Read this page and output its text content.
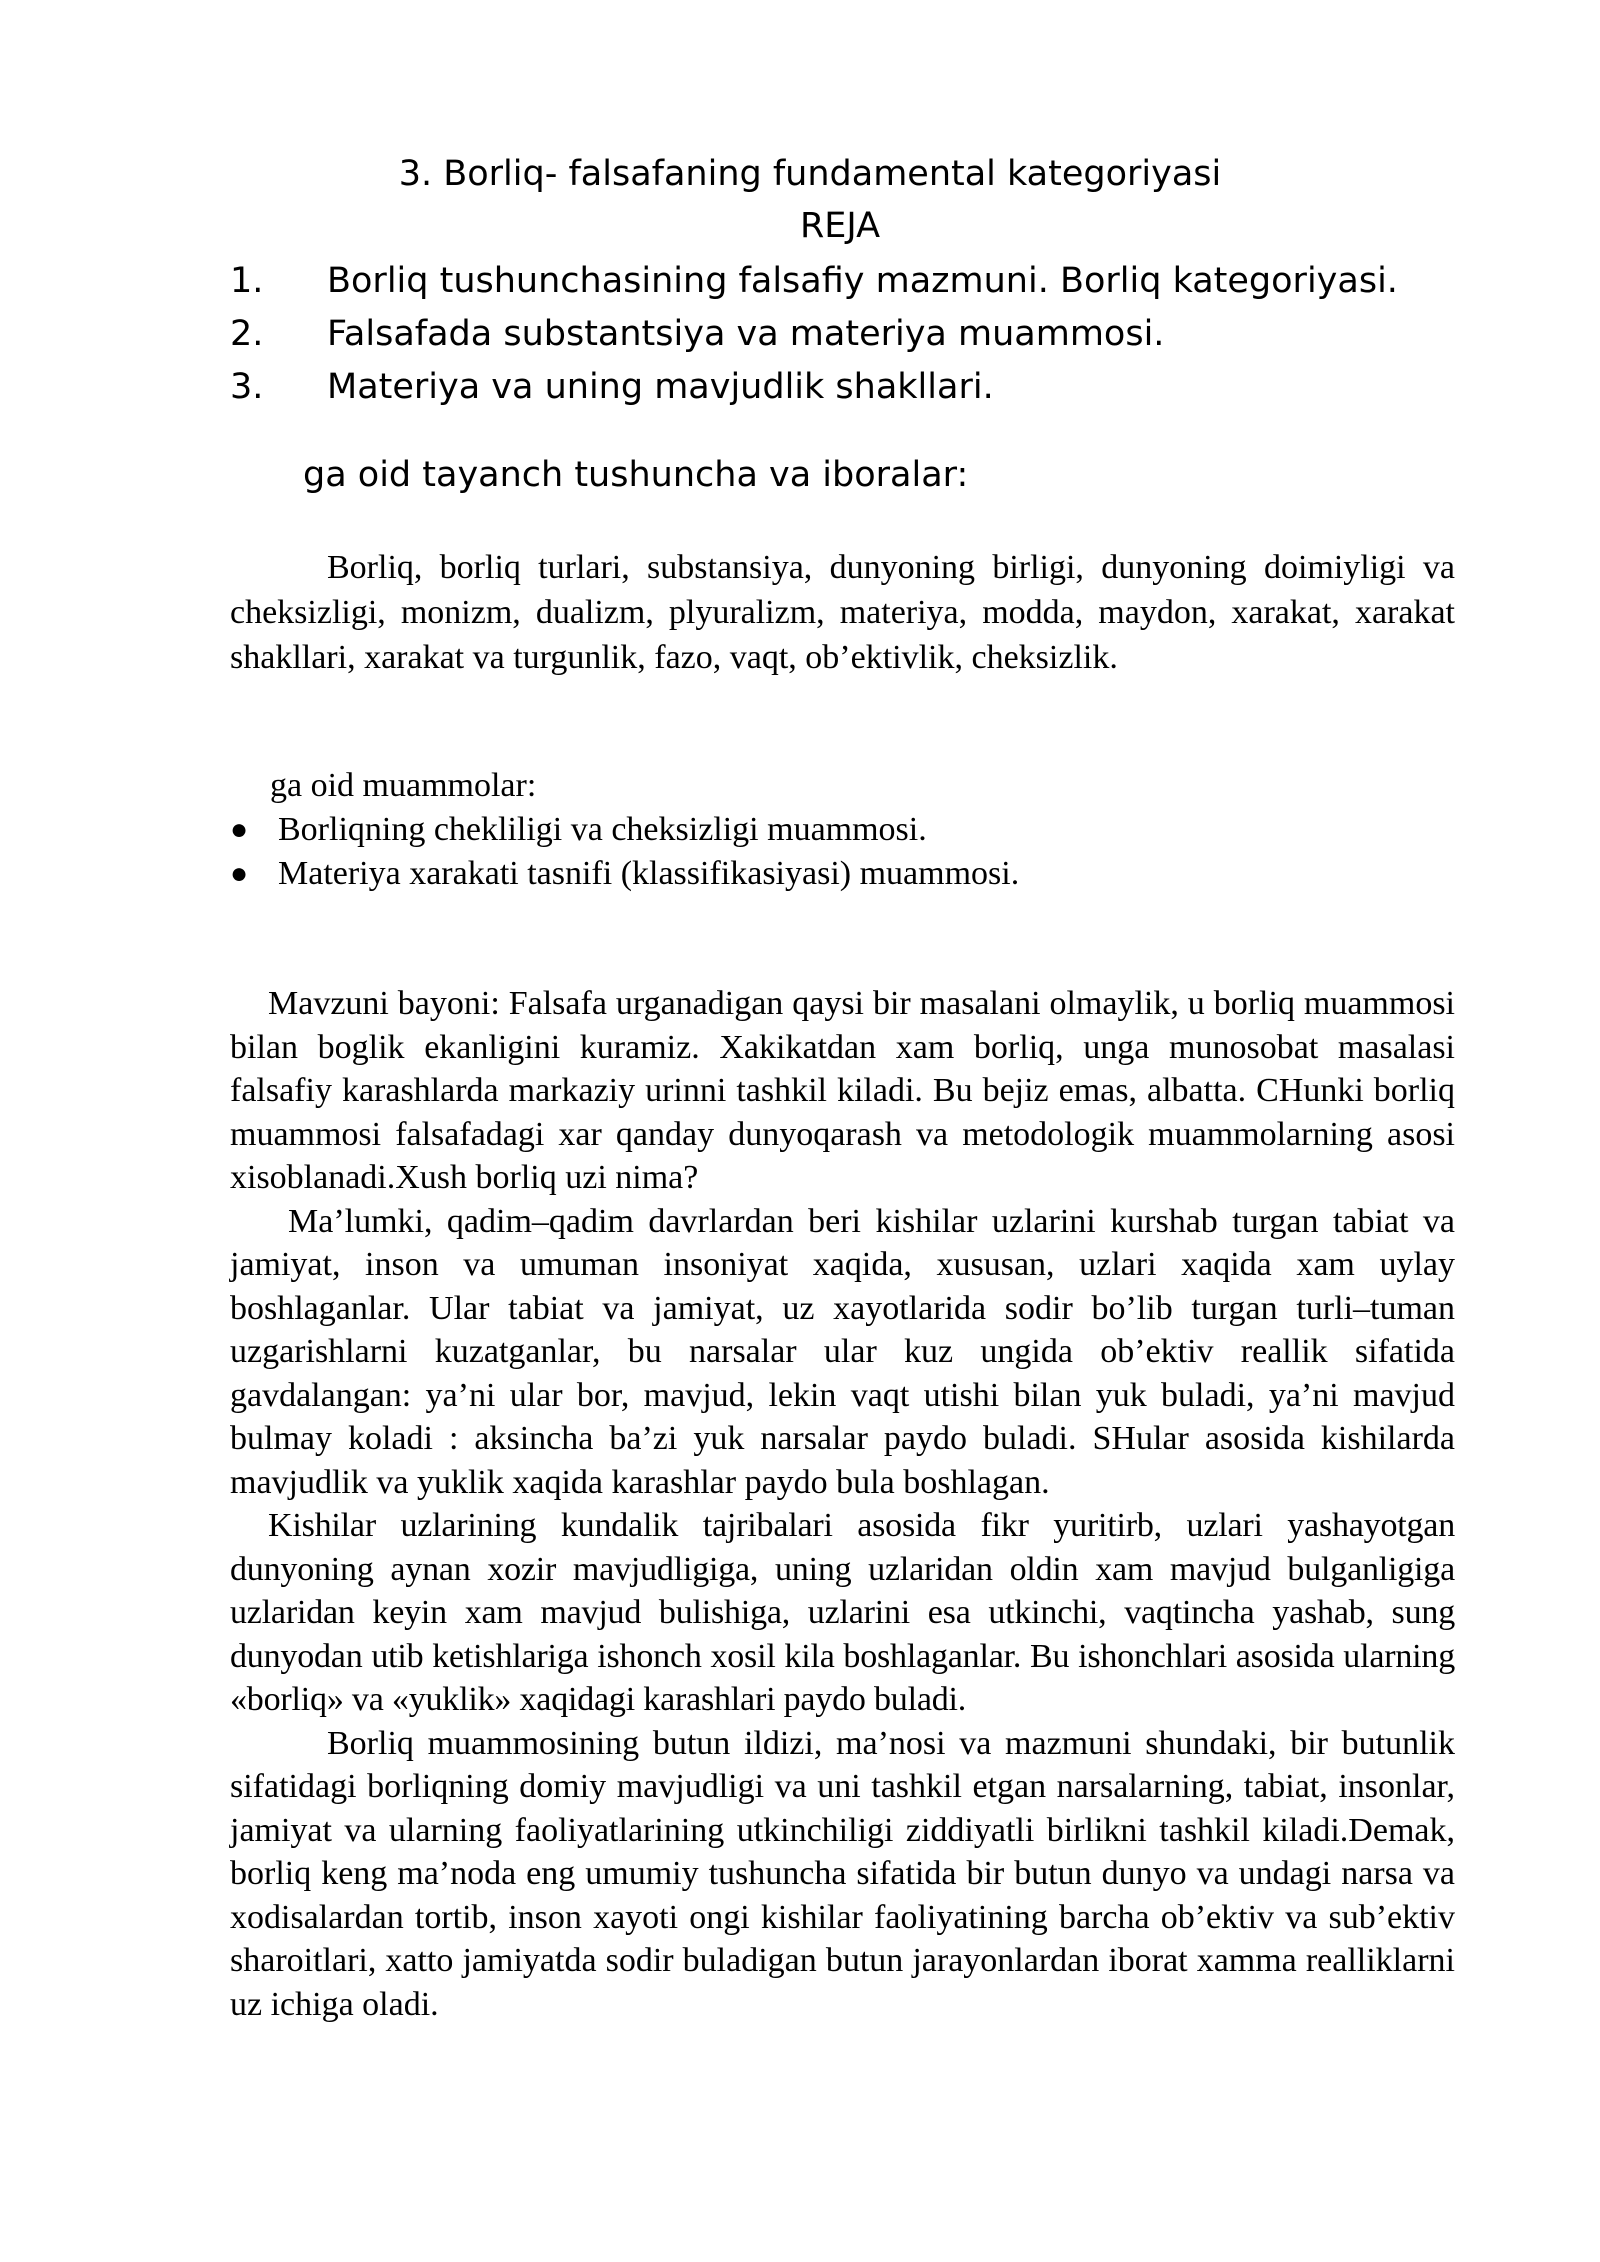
3. Borliq- falsafaning fundamental kategoriyasi
REJA
1. Borliq tushunchasining falsafiy mazmuni. Borliq kategoriyasi.
2. Falsafada substantsiya va materiya muammosi.
3. Materiya va uning mavjudlik shakllari.
ga oid tayanch tushuncha va iboralar:

Borliq, borliq turlari, substansiya, dunyoning birligi, dunyoning doimiyligi va cheksizligi, monizm, dualizm, plyuralizm, materiya, modda, maydon, xarakat, xarakat shakllari, xarakat va turgunlik, fazo, vaqt, ob’ektivlik, cheksizlik.

ga oid muammolar:
● Borliqning chekliligi va cheksizligi muammosi.
● Materiya xarakati tasnifi (klassifikasiyasi) muammosi.

Mavzuni bayoni: Falsafa urganadigan qaysi bir masalani olmaylik, u borliq muammosi bilan boglik ekanligini kuramiz. Xakikatdan xam borliq, unga munosobat masalasi falsafiy karashlarda markaziy urinni tashkil kiladi. Bu bejiz emas, albatta. CHunki borliq muammosi falsafadagi xar qanday dunyoqarash va metodologik muammolarning asosi xisoblanadi.Xush borliq uzi nima?

Ma’lumki, qadim–qadim davrlardan beri kishilar uzlarini kurshab turgan tabiat va jamiyat, inson va umuman insoniyat xaqida, xususan, uzlari xaqida xam uylay boshlaganlar. Ular tabiat va jamiyat, uz xayotlarida sodir bo’lib turgan turli–tuman uzgarishlarni kuzatganlar, bu narsalar ular kuz ungida ob’ektiv reallik sifatida gavdalangan: ya’ni ular bor, mavjud, lekin vaqt utishi bilan yuk buladi, ya’ni mavjud bulmay koladi : aksincha ba’zi yuk narsalar paydo buladi. SHular asosida kishilarda mavjudlik va yuklik xaqida karashlar paydo bula boshlagan.

Kishilar uzlarining kundalik tajribalari asosida fikr yuritirb, uzlari yashayotgan dunyoning aynan xozir mavjudligiga, uning uzlaridan oldin xam mavjud bulganligiga uzlaridan keyin xam mavjud bulishiga, uzlarini esa utkinchi, vaqtincha yashab, sung dunyodan utib ketishlariga ishonch xosil kila boshlaganlar. Bu ishonchlari asosida ularning «borliq» va «yuklik» xaqidagi karashlari paydo buladi.

Borliq muammosining butun ildizi, ma’nosi va mazmuni shundaki, bir butunlik sifatidagi borliqning domiy mavjudligi va uni tashkil etgan narsalarning, tabiat, insonlar, jamiyat va ularning faoliyatlarining utkinchiligi ziddiyatli birlikni tashkil kiladi.Demak, borliq keng ma’noda eng umumiy tushuncha sifatida bir butun dunyo va undagi narsa va xodisalardan tortib, inson xayoti ongi kishilar faoliyatining barcha ob’ektiv va sub’ektiv sharoitlari, xatto jamiyatda sodir buladigan butun jarayonlardan iborat xamma realliklarni uz ichiga oladi.
